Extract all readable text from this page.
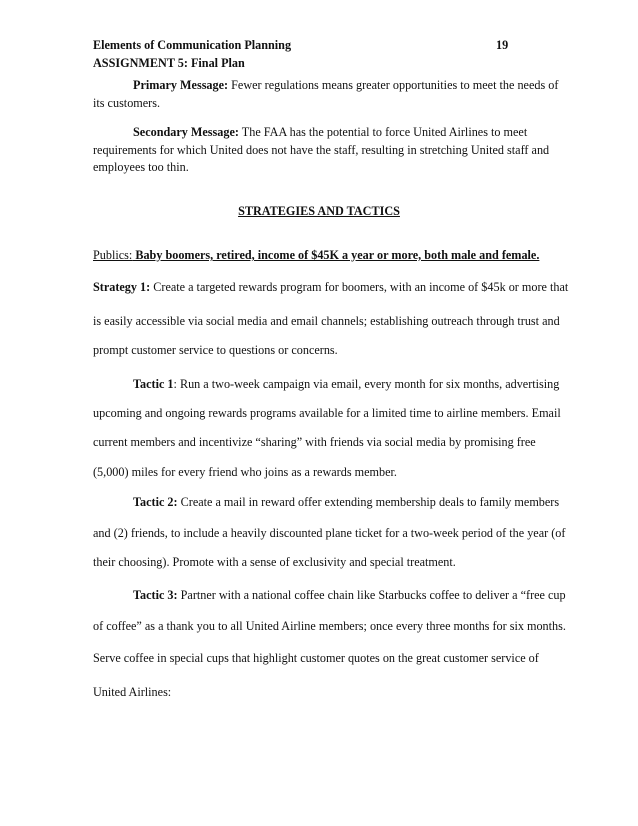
Elements of Communication Planning	19
ASSIGNMENT 5: Final Plan
Primary Message: Fewer regulations means greater opportunities to meet the needs of
its customers.
Secondary Message: The FAA has the potential to force United Airlines to meet
requirements for which United does not have the staff, resulting in stretching United staff and
employees too thin.
STRATEGIES AND TACTICS
Publics: Baby boomers, retired, income of $45K a year or more, both male and female.
Strategy 1: Create a targeted rewards program for boomers, with an income of $45k or more that
is easily accessible via social media and email channels; establishing outreach through trust and
prompt customer service to questions or concerns.
Tactic 1: Run a two-week campaign via email, every month for six months, advertising
upcoming and ongoing rewards programs available for a limited time to airline members. Email
current members and incentivize “sharing” with friends via social media by promising free
(5,000) miles for every friend who joins as a rewards member.
Tactic 2: Create a mail in reward offer extending membership deals to family members
and (2) friends, to include a heavily discounted plane ticket for a two-week period of the year (of
their choosing). Promote with a sense of exclusivity and special treatment.
Tactic 3: Partner with a national coffee chain like Starbucks coffee to deliver a “free cup
of coffee” as a thank you to all United Airline members; once every three months for six months.
Serve coffee in special cups that highlight customer quotes on the great customer service of
United Airlines:
